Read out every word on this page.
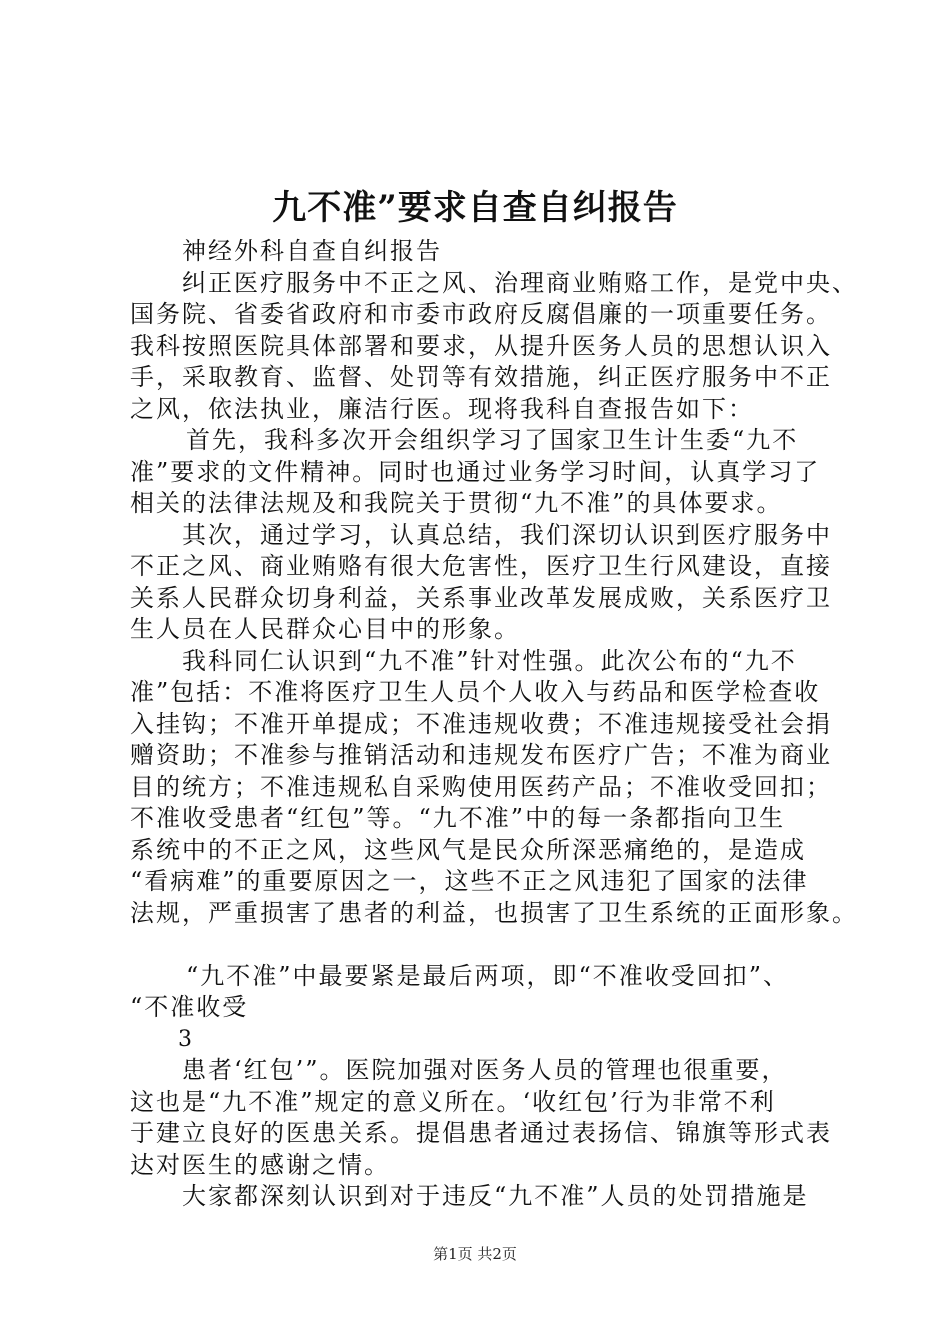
九不准”要求自查自纠报告
神经外科自查自纠报告
纠正医疗服务中不正之风、治理商业贿赂工作，是党中央、
国务院、省委省政府和市委市政府反腐倡廉的一项重要任务。
我科按照医院具体部署和要求，从提升医务人员的思想认识入
手，采取教育、监督、处罚等有效措施，纠正医疗服务中不正
之风，依法执业，廉洁行医。现将我科自查报告如下：
首先，我科多次开会组织学习了国家卫生计生委“九不
准”要求的文件精神。同时也通过业务学习时间，认真学习了
相关的法律法规及和我院关于贯彻“九不准”的具体要求。
其次，通过学习，认真总结，我们深切认识到医疗服务中
不正之风、商业贿赂有很大危害性，医疗卫生行风建设，直接
关系人民群众切身利益，关系事业改革发展成败，关系医疗卫
生人员在人民群众心目中的形象。
我科同仁认识到“九不准”针对性强。此次公布的“九不
准”包括：不准将医疗卫生人员个人收入与药品和医学检查收
入挂钩；不准开单提成；不准违规收费；不准违规接受社会捐
赠资助；不准参与推销活动和违规发布医疗广告；不准为商业
目的统方；不准违规私自采购使用医药产品；不准收受回扣；
不准收受患者“红包”等。“九不准”中的每一条都指向卫生
系统中的不正之风，这些风气是民众所深恶痛绝的，是造成
“看病难”的重要原因之一，这些不正之风违犯了国家的法律
法规，严重损害了患者的利益，也损害了卫生系统的正面形象。
“九不准”中最要紧是最后两项，即“不准收受回扣”、
“不准收受
3
患者‘红包’”。医院加强对医务人员的管理也很重要，
这也是“九不准”规定的意义所在。‘收红包’行为非常不利
于建立良好的医患关系。提倡患者通过表扬信、锦旗等形式表
达对医生的感谢之情。
大家都深刻认识到对于违反“九不准”人员的处罚措施是
第1页 共2页
